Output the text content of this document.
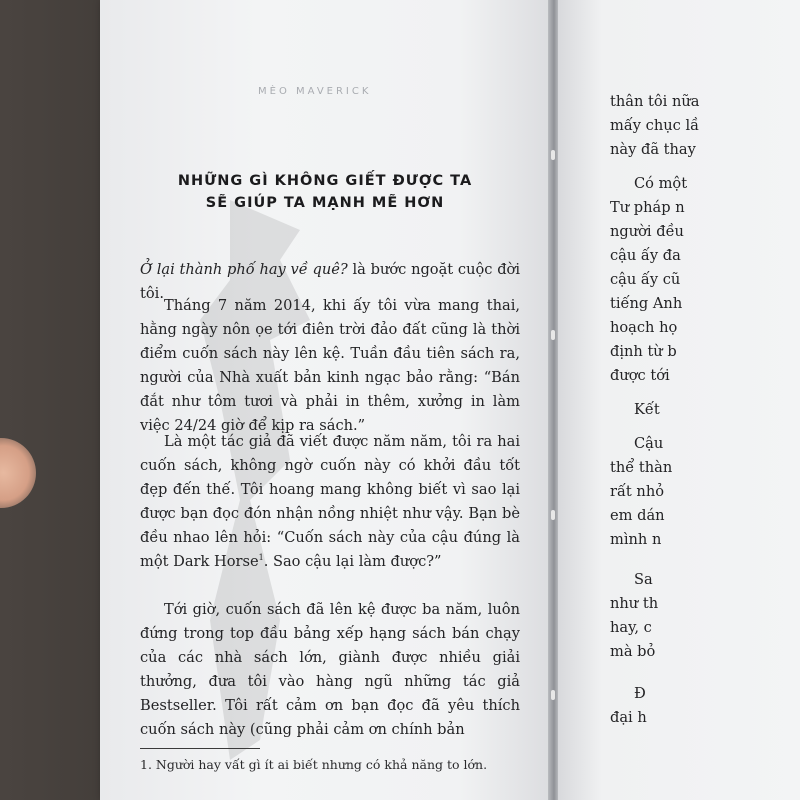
MÈO MAVERICK
NHỮNG GÌ KHÔNG GIẾT ĐƯỢC TA
SẼ GIÚP TA MẠNH MẼ HƠN
Ở lại thành phố hay về quê? là bước ngoặt cuộc đời tôi.

Tháng 7 năm 2014, khi ấy tôi vừa mang thai, hằng ngày nôn ọe tới điên trời đảo đất cũng là thời điểm cuốn sách này lên kệ. Tuần đầu tiên sách ra, người của Nhà xuất bản kinh ngạc bảo rằng: “Bán đắt như tôm tươi và phải in thêm, xưởng in làm việc 24/24 giờ để kịp ra sách.”

Là một tác giả đã viết được năm năm, tôi ra hai cuốn sách, không ngờ cuốn này có khởi đầu tốt đẹp đến thế. Tôi hoang mang không biết vì sao lại được bạn đọc đón nhận nồng nhiệt như vậy. Bạn bè đều nhao lên hỏi: “Cuốn sách này của cậu đúng là một Dark Horse$^1$. Sao cậu lại làm được?”

Tới giờ, cuốn sách đã lên kệ được ba năm, luôn đứng trong top đầu bảng xếp hạng sách bán chạy của các nhà sách lớn, giành được nhiều giải thưởng, đưa tôi vào hàng ngũ những tác giả Bestseller. Tôi rất cảm ơn bạn đọc đã yêu thích cuốn sách này (cũng phải cảm ơn chính bản

1. Người hay vất gì ít ai biết nhưng có khả năng to lớn.
thân tôi nữa
mấy chục lầ
này đã thay
Có một
Tư pháp n
người đều
cậu ấy đa
cậu ấy cũ
tiếng Anh
hoạch họ
định từ b
được tới
Kết
Cậu
thể thàn
rất nhỏ
em dán
mình n
Sa
như th
hay, c
mà bỏ
Đ
đại h
